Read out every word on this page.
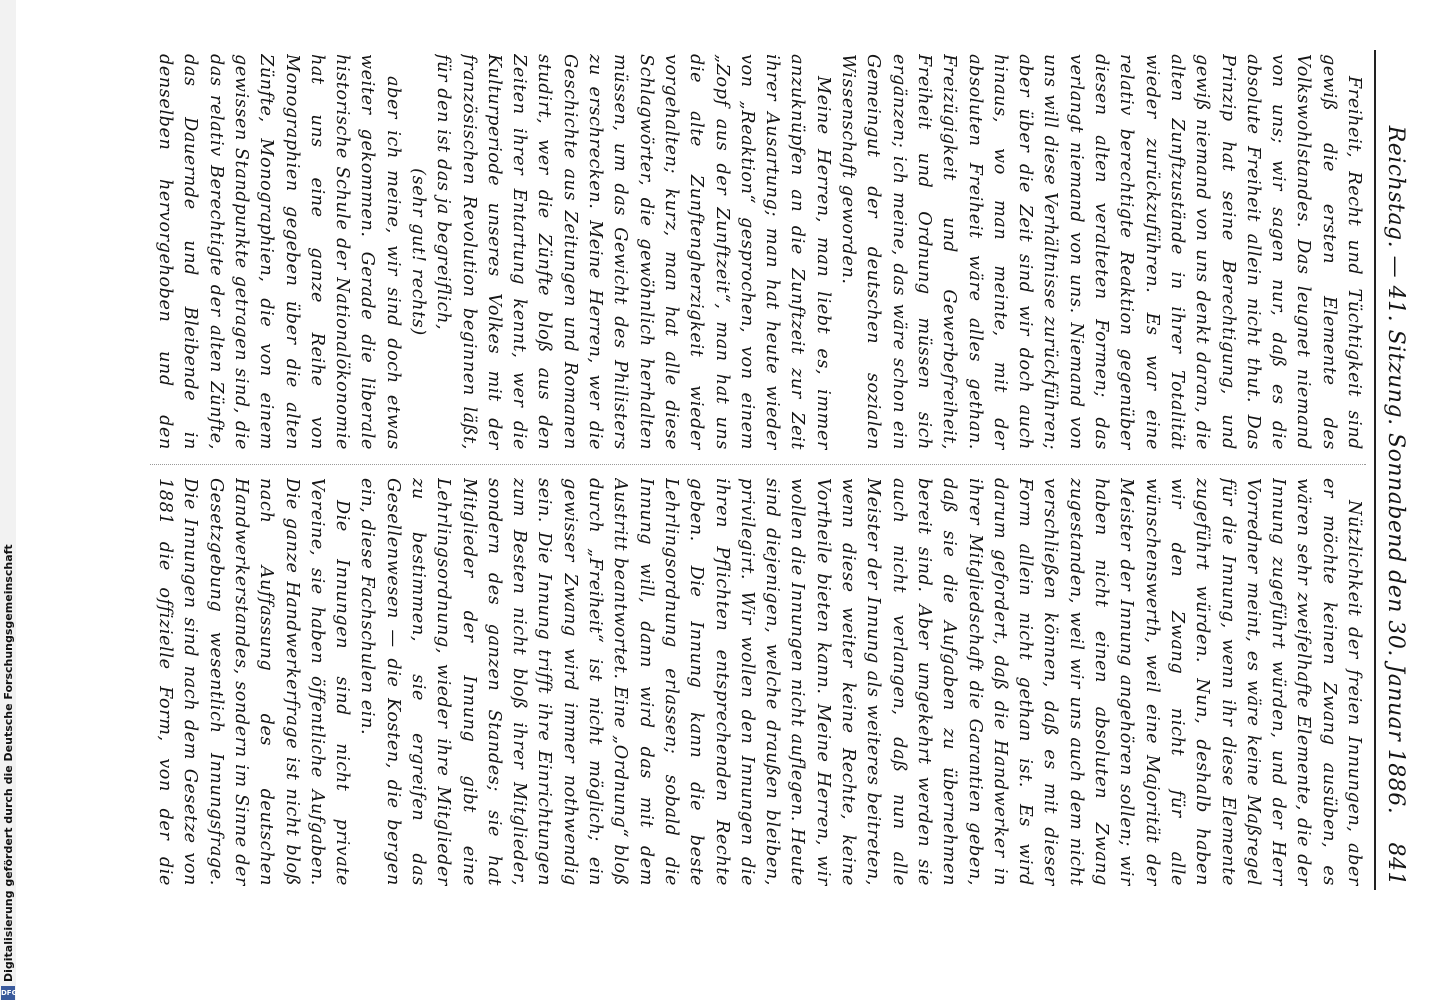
Digitalisierung gefördert durch die Deutsche Forschungsgemeinschaft
DFG
Reichstag. — 41. Sitzung. Sonnabend den 30. Januar 1886.
841

Freiheit, Recht und Tüchtigkeit sind gewiß die ersten Elemente des Volkswohlstandes. Das leugnet niemand von uns; wir sagen nur, daß es die absolute Freiheit allein nicht thut. Das Prinzip hat seine Berechtigung, und gewiß niemand von uns denkt daran, die alten Zunftzustände in ihrer Totalität wieder zurückzuführen. Es war eine relativ berechtigte Reaktion gegenüber diesen alten veralteten Formen; das verlangt niemand von uns. Niemand von uns will diese Verhältnisse zurückführen; aber über die Zeit sind wir doch auch hinaus, wo man meinte, mit der absoluten Freiheit wäre alles gethan. Freizügigkeit und Gewerbefreiheit, Freiheit und Ordnung müssen sich ergänzen; ich meine, das wäre schon ein Gemeingut der deutschen sozialen Wissenschaft geworden.

Meine Herren, man liebt es, immer anzuknüpfen an die Zunftzeit zur Zeit ihrer Ausartung; man hat heute wieder von „Reaktion“ gesprochen, von einem „Zopf aus der Zunftzeit“, man hat uns die alte Zunftengherzigkeit wieder vorgehalten; kurz, man hat alle diese Schlagwörter, die gewöhnlich herhalten müssen, um das Gewicht des Philisters zu erschrecken. Meine Herren, wer die Geschichte aus Zeitungen und Romanen studirt, wer die Zünfte bloß aus den Zeiten ihrer Entartung kennt, wer die Kulturperiode unseres Volkes mit der französischen Revolution beginnen läßt, für den ist das ja begreiflich,

(sehr gut! rechts)

aber ich meine, wir sind doch etwas weiter gekommen. Gerade die liberale historische Schule der Nationalökonomie hat uns eine ganze Reihe von Monographien gegeben über die alten Zünfte, Monographien, die von einem gewissen Standpunkte getragen sind, die das relativ Berechtigte der alten Zünfte, das Dauernde und Bleibende in denselben hervorgehoben und den

Nützlichkeit der freien Innungen, aber er möchte keinen Zwang ausüben, es wären sehr zweifelhafte Elemente, die der Innung zugeführt würden, und der Herr Vorredner meint, es wäre keine Maßregel für die Innung, wenn ihr diese Elemente zugeführt würden. Nun, deshalb haben wir den Zwang nicht für alle wünschenswerth, weil eine Majorität der Meister der Innung angehören sollen; wir haben nicht einen absoluten Zwang zugestanden, weil wir uns auch dem nicht verschließen können, daß es mit dieser Form allein nicht gethan ist. Es wird darum gefordert, daß die Handwerker in ihrer Mitgliedschaft die Garantien geben, daß sie die Aufgaben zu übernehmen bereit sind. Aber umgekehrt werden sie auch nicht verlangen, daß nun alle Meister der Innung als weiteres beitreten, wenn diese weiter keine Rechte, keine Vortheile bieten kann. Meine Herren, wir wollen die Innungen nicht auflegen. Heute sind diejenigen, welche draußen bleiben, privilegirt. Wir wollen den Innungen die ihren Pflichten entsprechenden Rechte geben. Die Innung kann die beste Lehrlingsordnung erlassen; sobald die Innung will, dann wird das mit dem Austritt beantwortet. Eine „Ordnung“ bloß durch „Freiheit“ ist nicht möglich; ein gewisser Zwang wird immer nothwendig sein. Die Innung trifft ihre Einrichtungen zum Besten nicht bloß ihrer Mitglieder, sondern des ganzen Standes; sie hat Mitglieder der Innung gibt eine Lehrlingsordnung, wieder ihre Mitglieder zu bestimmen, sie ergreifen das Gesellenwesen — die Kosten, die bergen ein, diese Fachschulen ein.

Die Innungen sind nicht private Vereine, sie haben öffentliche Aufgaben. Die ganze Handwerkerfrage ist nicht bloß nach Auffassung des deutschen Handwerkerstandes, sondern im Sinne der Gesetzgebung wesentlich Innungsfrage. Die Innungen sind nach dem Gesetze von 1881 die offizielle Form, von der die
